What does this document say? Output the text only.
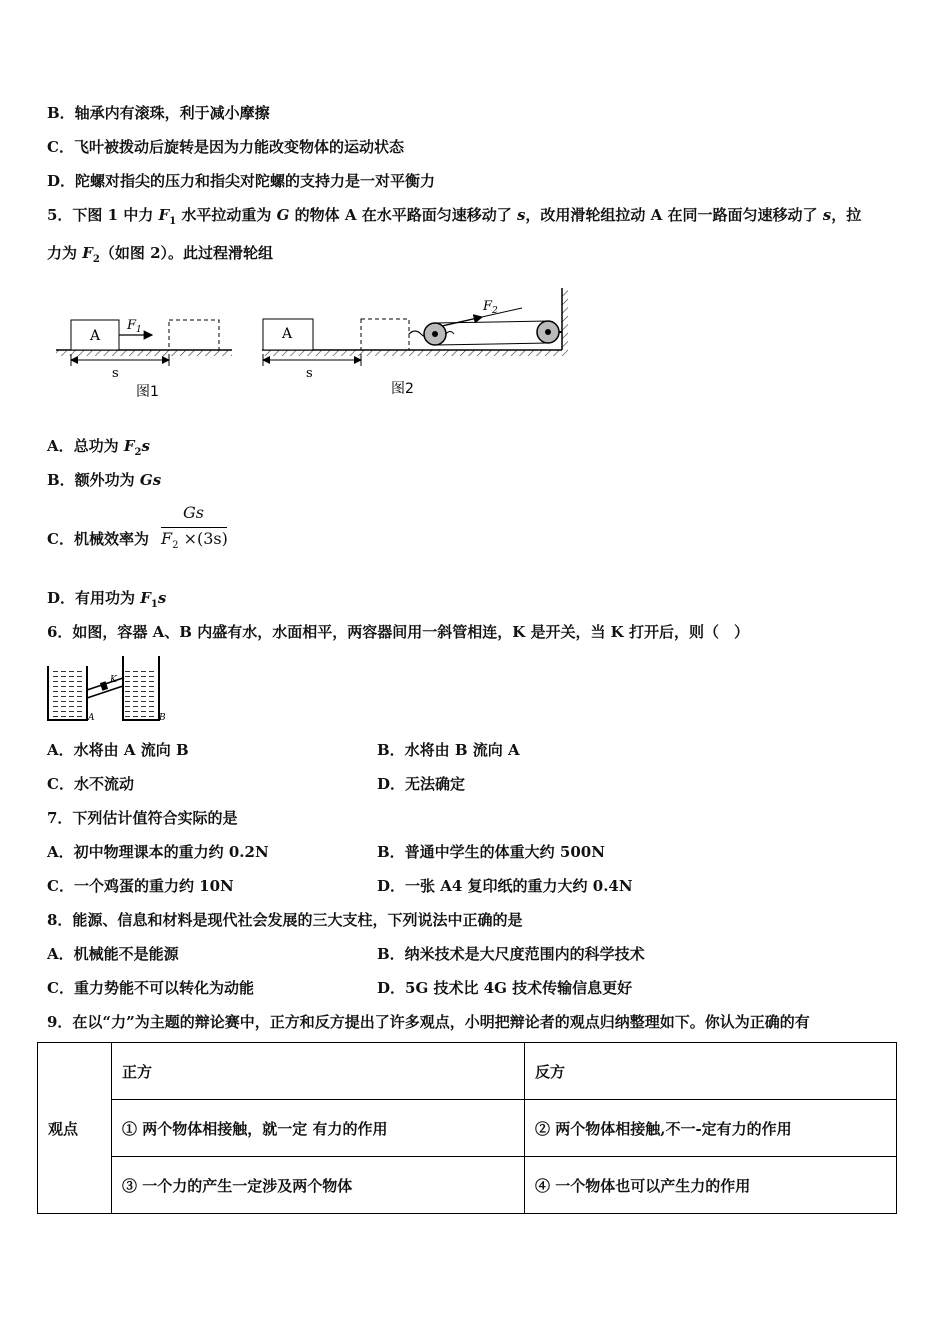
B．轴承内有滚珠，利于减小摩擦
C．飞叶被拨动后旋转是因为力能改变物体的运动状态
D．陀螺对指尖的压力和指尖对陀螺的支持力是一对平衡力
5．下图 1 中力 $F_1$ 水平拉动重为 G 的物体 A 在水平路面匀速移动了 s，改用滑轮组拉动 A 在同一路面匀速移动了 s，拉
力为 $F_2$（如图 2）。此过程滑轮组
A
$F_1$
s
图1
A
$F_2$
s
图2
A．总功为 $F_2s$
B．额外功为 Gs
C．机械效率为
Gs
$F_2 \times(3s)$
D．有用功为 $F_1s$
6．如图，容器 A、B 内盛有水，水面相平，两容器间用一斜管相连，K 是开关，当 K 打开后，则（　）
K
A	B
A．水将由 A 流向 B	B．水将由 B 流向 A
C．水不流动	D．无法确定
7．下列估计值符合实际的是
A．初中物理课本的重力约 0.2N	B．普通中学生的体重大约 500N
C．一个鸡蛋的重力约 10N	D．一张 A4 复印纸的重力大约 0.4N
8．能源、信息和材料是现代社会发展的三大支柱，下列说法中正确的是
A．机械能不是能源	B．纳米技术是大尺度范围内的科学技术
C．重力势能不可以转化为动能	D．5G 技术比 4G 技术传输信息更好
9．在以“力”为主题的辩论赛中，正方和反方提出了许多观点，小明把辩论者的观点归纳整理如下。你认为正确的有
观点	正方	反方
	① 两个物体相接触，就一定 有力的作用	② 两个物体相接触,不一-定有力的作用
	③ 一个力的产生一定涉及两个物体	④ 一个物体也可以产生力的作用
